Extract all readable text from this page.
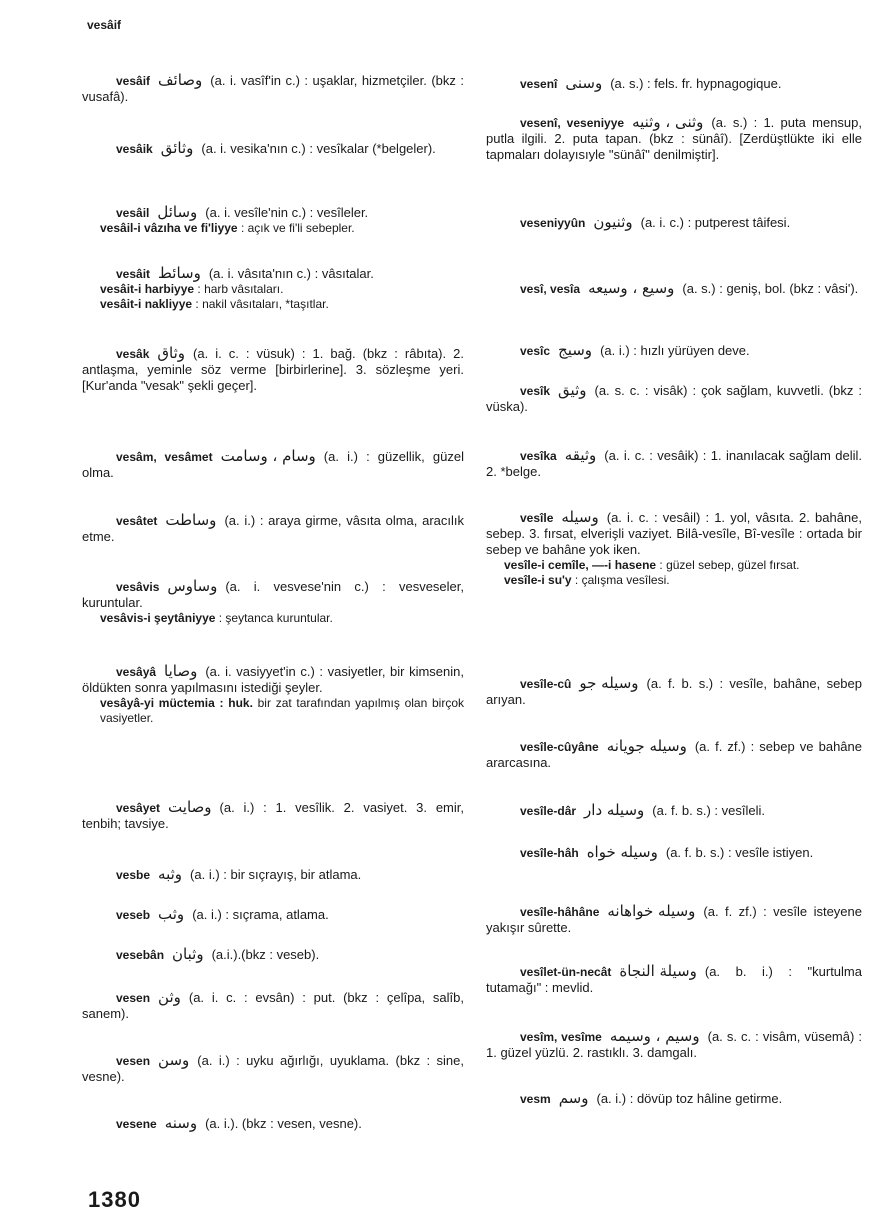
vesâif
vesâif وصائف (a. i. vasîf'in c.) : uşaklar, hizmetçiler. (bkz : vusafâ).
vesâik وثائق (a. i. vesika'nın c.) : vesîkalar (*belgeler).
vesâil وسائل (a. i. vesîle'nin c.) : vesîleler.
vesâil-i vâzıha ve fi'liyye : açık ve fi'li sebepler.
vesâit وسائط (a. i. vâsıta'nın c.) : vâsıtalar.
vesâit-i harbiyye : harb vâsıtaları.
vesâit-i nakliyye : nakil vâsıtaları, *taşıtlar.
vesâk وثاق (a. i. c. : vüsuk) : 1. bağ. (bkz : râbıta). 2. antlaşma, yeminle söz verme [birbirlerine]. 3. sözleşme yeri. [Kur'anda "vesak" şekli geçer].
vesâm, vesâmet وسام ، وسامت (a. i.) : güzellik, güzel olma.
vesâtet وساطت (a. i.) : araya girme, vâsıta olma, aracılık etme.
vesâvis وساوس (a. i. vesvese'nin c.) : vesveseler, kuruntular.
vesâvis-i şeytâniyye : şeytanca kuruntular.
vesâyâ وصايا (a. i. vasiyyet'in c.) : vasiyetler, bir kimsenin, öldükten sonra yapılmasını istediği şeyler.
vesâyâ-yi müctemia : huk. bir zat tarafından yapılmış olan birçok vasiyetler.
vesâyet وصايت (a. i.) : 1. vesîlik. 2. vasiyet. 3. emir, tenbih; tavsiye.
vesbe وثبه (a. i.) : bir sıçrayış, bir atlama.
veseb وثب (a. i.) : sıçrama, atlama.
vesebân وثبان (a.i.).(bkz : veseb).
vesen وثن (a. i. c. : evsân) : put. (bkz : çelîpa, salîb, sanem).
vesen وسن (a. i.) : uyku ağırlığı, uyuklama. (bkz : sine, vesne).
vesene وسنه (a. i.). (bkz : vesen, vesne).
vesenî وسنى (a. s.) : fels. fr. hypnagogique.
vesenî, veseniyye وثنى ، وثنيه (a. s.) : 1. puta mensup, putla ilgili. 2. puta tapan. (bkz : sünâî). [Zerdüştlükte iki elle tapmaları dolayısıyle "sünâî" denilmiştir].
veseniyyûn وثنيون (a. i. c.) : putperest tâifesi.
vesî, vesîa وسيع ، وسيعه (a. s.) : geniş, bol. (bkz : vâsi').
vesîc وسيج (a. i.) : hızlı yürüyen deve.
vesîk وثيق (a. s. c. : visâk) : çok sağlam, kuvvetli. (bkz : vüska).
vesîka وثيقه (a. i. c. : vesâik) : 1. inanılacak sağlam delil. 2. *belge.
vesîle وسيله (a. i. c. : vesâil) : 1. yol, vâsıta. 2. bahâne, sebep. 3. fırsat, elverişli vaziyet. Bilâ-vesîle, Bî-vesîle : ortada bir sebep ve bahâne yok iken.
vesîle-i cemîle, —-i hasene : güzel sebep, güzel fırsat.
vesîle-i su'y : çalışma vesîlesi.
vesîle-cû وسيله جو (a. f. b. s.) : vesîle, bahâne, sebep arıyan.
vesîle-cûyâne وسيله جويانه (a. f. zf.) : sebep ve bahâne ararcasına.
vesîle-dâr وسيله دار (a. f. b. s.) : vesîleli.
vesîle-hâh وسيله خواه (a. f. b. s.) : vesîle istiyen.
vesîle-hâhâne وسيله خواهانه (a. f. zf.) : vesîle isteyene yakışır sûrette.
vesîlet-ün-necât وسيلة النجاة (a. b. i.) : "kurtulma tutamağı" : mevlid.
vesîm, vesîme وسيم ، وسيمه (a. s. c. : visâm, vüsemâ) : 1. güzel yüzlü. 2. rastıklı. 3. damgalı.
vesm وسم (a. i.) : dövüp toz hâline getirme.
1380
